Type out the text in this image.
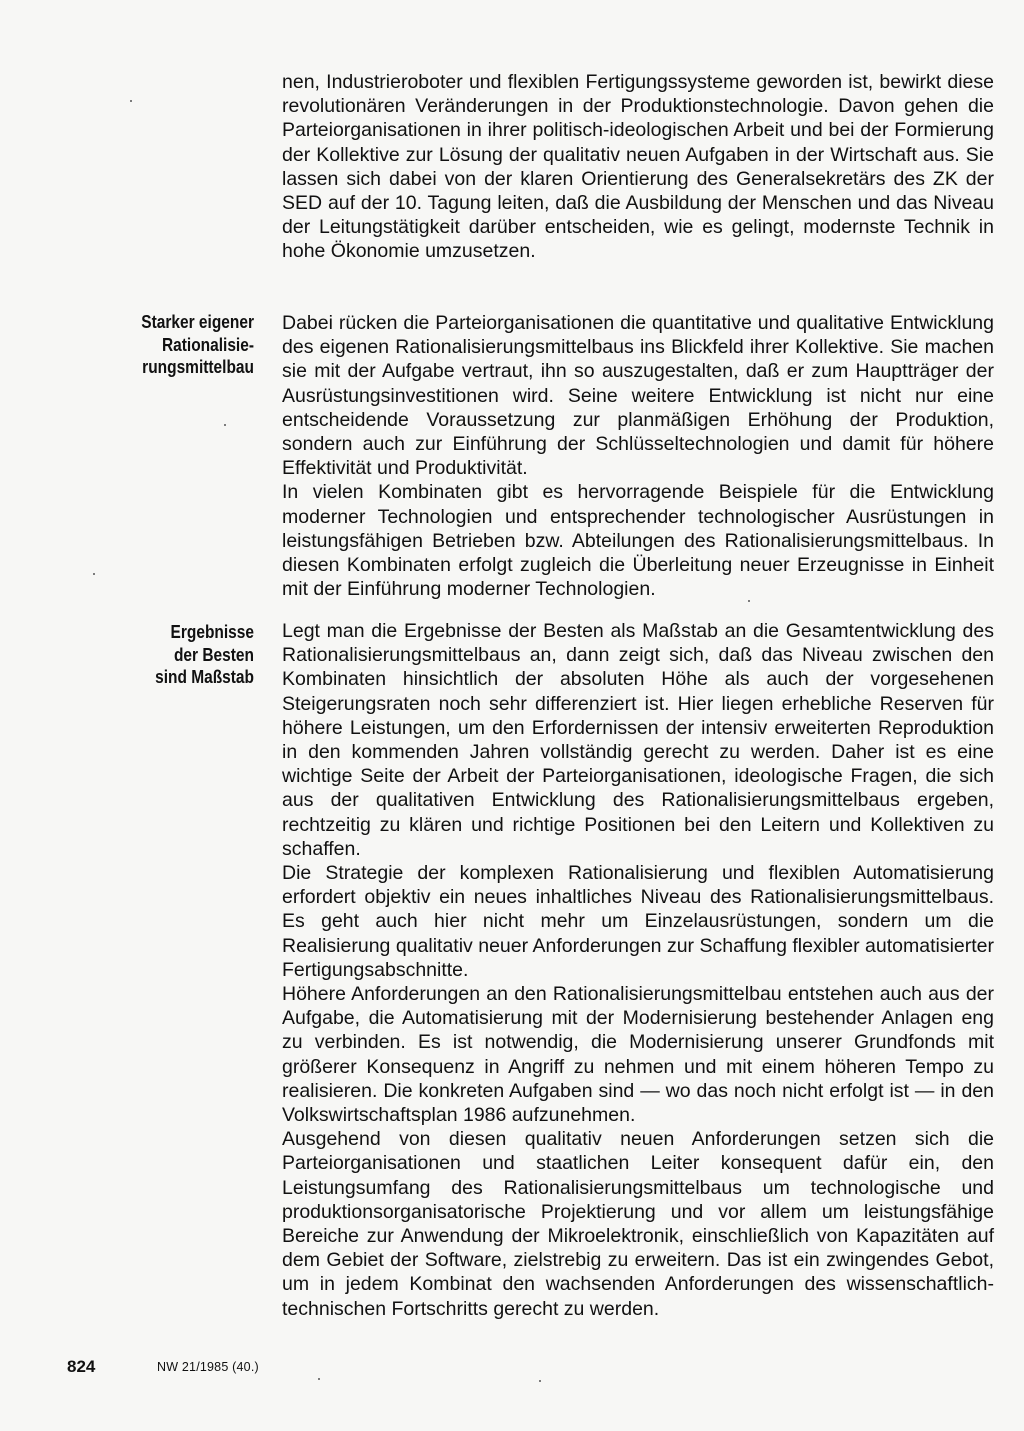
Starker eigener
Rationalisie-
rungsmittelbau
Ergebnisse
der Besten
sind Maßstab

nen, Industrieroboter und flexiblen Fertigungssysteme geworden ist, bewirkt diese revolutionären Veränderungen in der Produktionstechnologie. Davon gehen die Parteiorganisationen in ihrer politisch-ideologischen Arbeit und bei der Formierung der Kollektive zur Lösung der qualitativ neuen Aufgaben in der Wirtschaft aus. Sie lassen sich dabei von der klaren Orientierung des Generalsekretärs des ZK der SED auf der 10. Tagung leiten, daß die Ausbildung der Menschen und das Niveau der Leitungstätigkeit darüber entscheiden, wie es gelingt, modernste Technik in hohe Ökonomie umzusetzen.

Dabei rücken die Parteiorganisationen die quantitative und qualitative Entwicklung des eigenen Rationalisierungsmittelbaus ins Blickfeld ihrer Kollektive. Sie machen sie mit der Aufgabe vertraut, ihn so auszugestalten, daß er zum Hauptträger der Ausrüstungsinvestitionen wird. Seine weitere Entwicklung ist nicht nur eine entscheidende Voraussetzung zur planmäßigen Erhöhung der Produktion, sondern auch zur Einführung der Schlüsseltechnologien und damit für höhere Effektivität und Produktivität.

In vielen Kombinaten gibt es hervorragende Beispiele für die Entwicklung moderner Technologien und entsprechender technologischer Ausrüstungen in leistungsfähigen Betrieben bzw. Abteilungen des Rationalisierungsmittelbaus. In diesen Kombinaten erfolgt zugleich die Überleitung neuer Erzeugnisse in Einheit mit der Einführung moderner Technologien.

Legt man die Ergebnisse der Besten als Maßstab an die Gesamtentwicklung des Rationalisierungsmittelbaus an, dann zeigt sich, daß das Niveau zwischen den Kombinaten hinsichtlich der absoluten Höhe als auch der vorgesehenen Steigerungsraten noch sehr differenziert ist. Hier liegen erhebliche Reserven für höhere Leistungen, um den Erfordernissen der intensiv erweiterten Reproduktion in den kommenden Jahren vollständig gerecht zu werden. Daher ist es eine wichtige Seite der Arbeit der Parteiorganisationen, ideologische Fragen, die sich aus der qualitativen Entwicklung des Rationalisierungsmittelbaus ergeben, rechtzeitig zu klären und richtige Positionen bei den Leitern und Kollektiven zu schaffen.

Die Strategie der komplexen Rationalisierung und flexiblen Automatisierung erfordert objektiv ein neues inhaltliches Niveau des Rationalisierungsmittelbaus. Es geht auch hier nicht mehr um Einzelausrüstungen, sondern um die Realisierung qualitativ neuer Anforderungen zur Schaffung flexibler automatisierter Fertigungsabschnitte.

Höhere Anforderungen an den Rationalisierungsmittelbau entstehen auch aus der Aufgabe, die Automatisierung mit der Modernisierung bestehender Anlagen eng zu verbinden. Es ist notwendig, die Modernisierung unserer Grundfonds mit größerer Konsequenz in Angriff zu nehmen und mit einem höheren Tempo zu realisieren. Die konkreten Aufgaben sind — wo das noch nicht erfolgt ist — in den Volkswirtschaftsplan 1986 aufzunehmen.

Ausgehend von diesen qualitativ neuen Anforderungen setzen sich die Parteiorganisationen und staatlichen Leiter konsequent dafür ein, den Leistungsumfang des Rationalisierungsmittelbaus um technologische und produktionsorganisatorische Projektierung und vor allem um leistungsfähige Bereiche zur Anwendung der Mikroelektronik, einschließlich von Kapazitäten auf dem Gebiet der Software, zielstrebig zu erweitern. Das ist ein zwingendes Gebot, um in jedem Kombinat den wachsenden Anforderungen des wissenschaftlich-technischen Fortschritts gerecht zu werden.

824	NW 21/1985 (40.)
